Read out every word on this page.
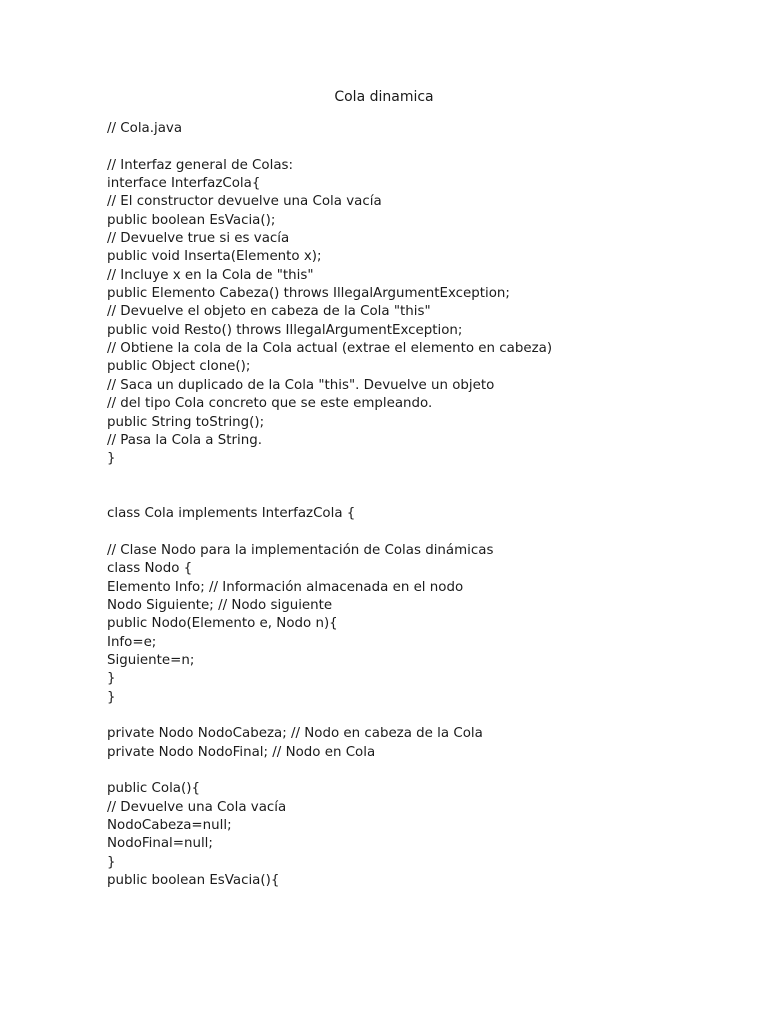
Cola dinamica
// Cola.java
// Interfaz general de Colas:
interface InterfazCola{
// El constructor devuelve una Cola vacía
public boolean EsVacia();
// Devuelve true si es vacía
public void Inserta(Elemento x);
// Incluye x en la Cola de "this"
public Elemento Cabeza() throws IllegalArgumentException;
// Devuelve el objeto en cabeza de la Cola "this"
public void Resto() throws IllegalArgumentException;
// Obtiene la cola de la Cola actual (extrae el elemento en cabeza)
public Object clone();
// Saca un duplicado de la Cola "this". Devuelve un objeto
// del tipo Cola concreto que se este empleando.
public String toString();
// Pasa la Cola a String.
}
class Cola implements InterfazCola {
// Clase Nodo para la implementación de Colas dinámicas
class Nodo {
Elemento Info; // Información almacenada en el nodo
Nodo Siguiente; // Nodo siguiente
public Nodo(Elemento e, Nodo n){
Info=e;
Siguiente=n;
}
}
private Nodo NodoCabeza; // Nodo en cabeza de la Cola
private Nodo NodoFinal; // Nodo en Cola
public Cola(){
// Devuelve una Cola vacía
NodoCabeza=null;
NodoFinal=null;
}
public boolean EsVacia(){
